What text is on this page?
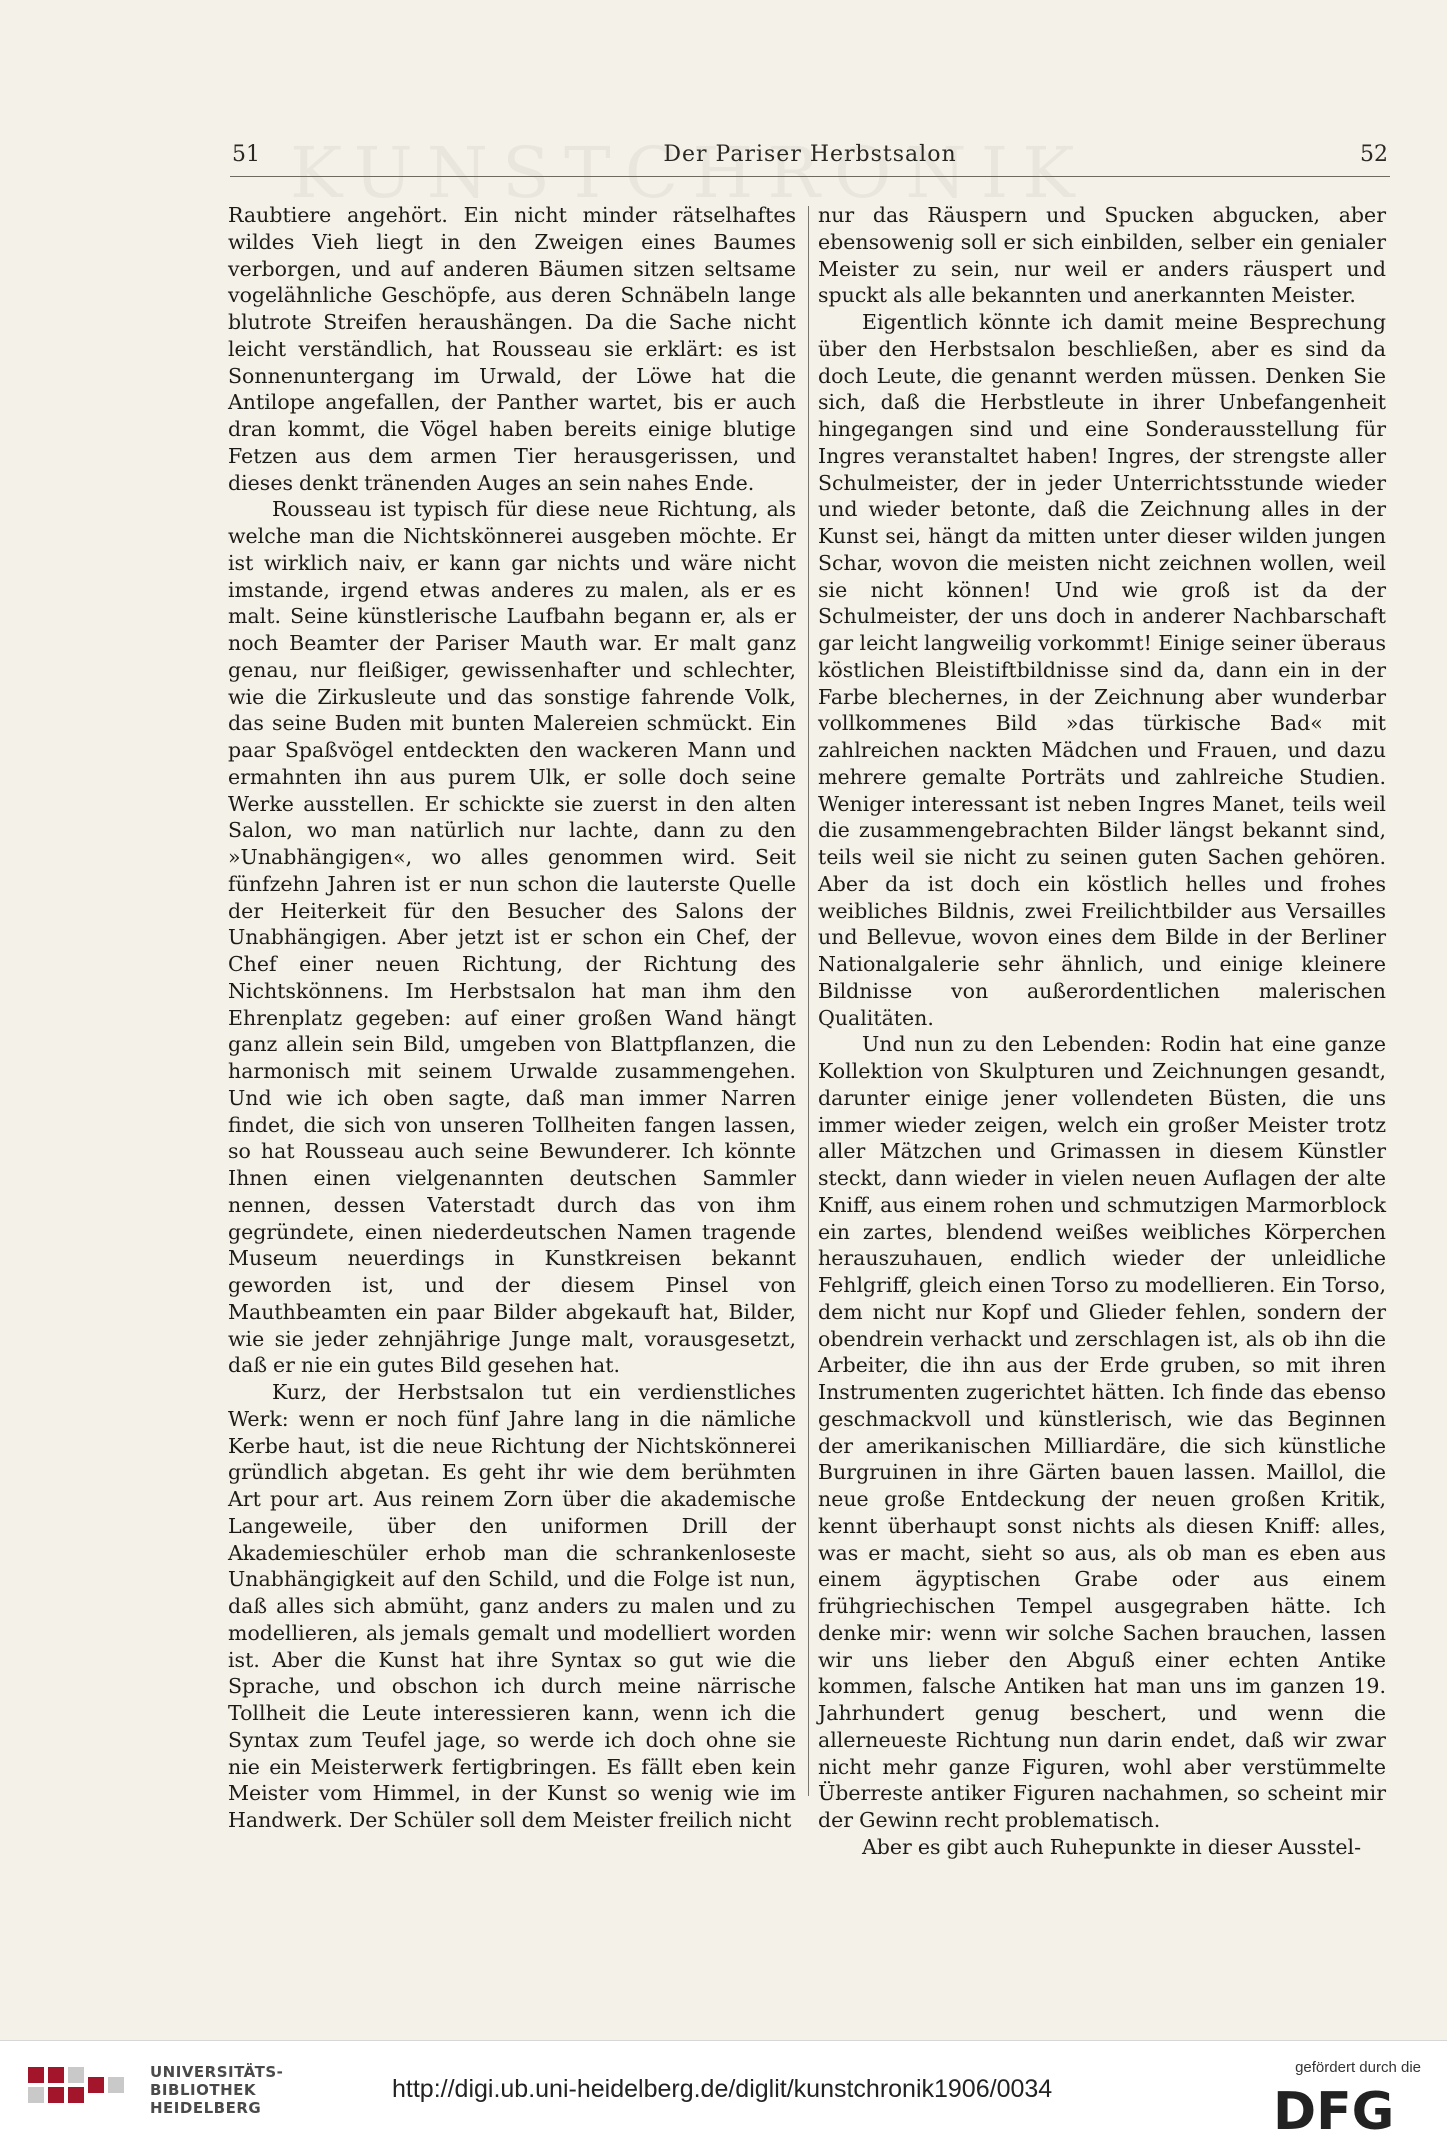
51	Der Pariser Herbstsalon	52

Raubtiere angehört. Ein nicht minder rätselhaftes wildes Vieh liegt in den Zweigen eines Baumes verborgen, und auf anderen Bäumen sitzen seltsame vogelähnliche Geschöpfe, aus deren Schnäbeln lange blutrote Streifen heraushängen. Da die Sache nicht leicht verständlich, hat Rousseau sie erklärt: es ist Sonnenuntergang im Urwald, der Löwe hat die Antilope angefallen, der Panther wartet, bis er auch dran kommt, die Vögel haben bereits einige blutige Fetzen aus dem armen Tier herausgerissen, und dieses denkt tränenden Auges an sein nahes Ende.

Rousseau ist typisch für diese neue Richtung, als welche man die Nichtskönnerei ausgeben möchte. Er ist wirklich naiv, er kann gar nichts und wäre nicht imstande, irgend etwas anderes zu malen, als er es malt. Seine künstlerische Laufbahn begann er, als er noch Beamter der Pariser Mauth war. Er malt ganz genau, nur fleißiger, gewissenhafter und schlechter, wie die Zirkusleute und das sonstige fahrende Volk, das seine Buden mit bunten Malereien schmückt. Ein paar Spaßvögel entdeckten den wackeren Mann und ermahnten ihn aus purem Ulk, er solle doch seine Werke ausstellen. Er schickte sie zuerst in den alten Salon, wo man natürlich nur lachte, dann zu den »Unabhängigen«, wo alles genommen wird. Seit fünfzehn Jahren ist er nun schon die lauterste Quelle der Heiterkeit für den Besucher des Salons der Unabhängigen. Aber jetzt ist er schon ein Chef, der Chef einer neuen Richtung, der Richtung des Nichtskönnens. Im Herbstsalon hat man ihm den Ehrenplatz gegeben: auf einer großen Wand hängt ganz allein sein Bild, umgeben von Blattpflanzen, die harmonisch mit seinem Urwalde zusammengehen. Und wie ich oben sagte, daß man immer Narren findet, die sich von unseren Tollheiten fangen lassen, so hat Rousseau auch seine Bewunderer. Ich könnte Ihnen einen vielgenannten deutschen Sammler nennen, dessen Vaterstadt durch das von ihm gegründete, einen niederdeutschen Namen tragende Museum neuerdings in Kunstkreisen bekannt geworden ist, und der diesem Pinsel von Mauthbeamten ein paar Bilder abgekauft hat, Bilder, wie sie jeder zehnjährige Junge malt, vorausgesetzt, daß er nie ein gutes Bild gesehen hat.

Kurz, der Herbstsalon tut ein verdienstliches Werk: wenn er noch fünf Jahre lang in die nämliche Kerbe haut, ist die neue Richtung der Nichtskönnerei gründlich abgetan. Es geht ihr wie dem berühmten Art pour art. Aus reinem Zorn über die akademische Langeweile, über den uniformen Drill der Akademieschüler erhob man die schrankenloseste Unabhängigkeit auf den Schild, und die Folge ist nun, daß alles sich abmüht, ganz anders zu malen und zu modellieren, als jemals gemalt und modelliert worden ist. Aber die Kunst hat ihre Syntax so gut wie die Sprache, und obschon ich durch meine närrische Tollheit die Leute interessieren kann, wenn ich die Syntax zum Teufel jage, so werde ich doch ohne sie nie ein Meisterwerk fertigbringen. Es fällt eben kein Meister vom Himmel, in der Kunst so wenig wie im Handwerk. Der Schüler soll dem Meister freilich nicht

nur das Räuspern und Spucken abgucken, aber ebensowenig soll er sich einbilden, selber ein genialer Meister zu sein, nur weil er anders räuspert und spuckt als alle bekannten und anerkannten Meister.

Eigentlich könnte ich damit meine Besprechung über den Herbstsalon beschließen, aber es sind da doch Leute, die genannt werden müssen. Denken Sie sich, daß die Herbstleute in ihrer Unbefangenheit hingegangen sind und eine Sonderausstellung für Ingres veranstaltet haben! Ingres, der strengste aller Schulmeister, der in jeder Unterrichtsstunde wieder und wieder betonte, daß die Zeichnung alles in der Kunst sei, hängt da mitten unter dieser wilden jungen Schar, wovon die meisten nicht zeichnen wollen, weil sie nicht können! Und wie groß ist da der Schulmeister, der uns doch in anderer Nachbarschaft gar leicht langweilig vorkommt! Einige seiner überaus köstlichen Bleistiftbildnisse sind da, dann ein in der Farbe blechernes, in der Zeichnung aber wunderbar vollkommenes Bild »das türkische Bad« mit zahlreichen nackten Mädchen und Frauen, und dazu mehrere gemalte Porträts und zahlreiche Studien. Weniger interessant ist neben Ingres Manet, teils weil die zusammengebrachten Bilder längst bekannt sind, teils weil sie nicht zu seinen guten Sachen gehören. Aber da ist doch ein köstlich helles und frohes weibliches Bildnis, zwei Freilichtbilder aus Versailles und Bellevue, wovon eines dem Bilde in der Berliner Nationalgalerie sehr ähnlich, und einige kleinere Bildnisse von außerordentlichen malerischen Qualitäten.

Und nun zu den Lebenden: Rodin hat eine ganze Kollektion von Skulpturen und Zeichnungen gesandt, darunter einige jener vollendeten Büsten, die uns immer wieder zeigen, welch ein großer Meister trotz aller Mätzchen und Grimassen in diesem Künstler steckt, dann wieder in vielen neuen Auflagen der alte Kniff, aus einem rohen und schmutzigen Marmorblock ein zartes, blendend weißes weibliches Körperchen herauszuhauen, endlich wieder der unleidliche Fehlgriff, gleich einen Torso zu modellieren. Ein Torso, dem nicht nur Kopf und Glieder fehlen, sondern der obendrein verhackt und zerschlagen ist, als ob ihn die Arbeiter, die ihn aus der Erde gruben, so mit ihren Instrumenten zugerichtet hätten. Ich finde das ebenso geschmackvoll und künstlerisch, wie das Beginnen der amerikanischen Milliardäre, die sich künstliche Burgruinen in ihre Gärten bauen lassen. Maillol, die neue große Entdeckung der neuen großen Kritik, kennt überhaupt sonst nichts als diesen Kniff: alles, was er macht, sieht so aus, als ob man es eben aus einem ägyptischen Grabe oder aus einem frühgriechischen Tempel ausgegraben hätte. Ich denke mir: wenn wir solche Sachen brauchen, lassen wir uns lieber den Abguß einer echten Antike kommen, falsche Antiken hat man uns im ganzen 19. Jahrhundert genug beschert, und wenn die allerneueste Richtung nun darin endet, daß wir zwar nicht mehr ganze Figuren, wohl aber verstümmelte Überreste antiker Figuren nachahmen, so scheint mir der Gewinn recht problematisch.

Aber es gibt auch Ruhepunkte in dieser Ausstel-

UNIVERSITÄTS-
BIBLIOTHEK
HEIDELBERG
http://digi.ub.uni-heidelberg.de/diglit/kunstchronik1906/0034
gefördert durch die
DFG
